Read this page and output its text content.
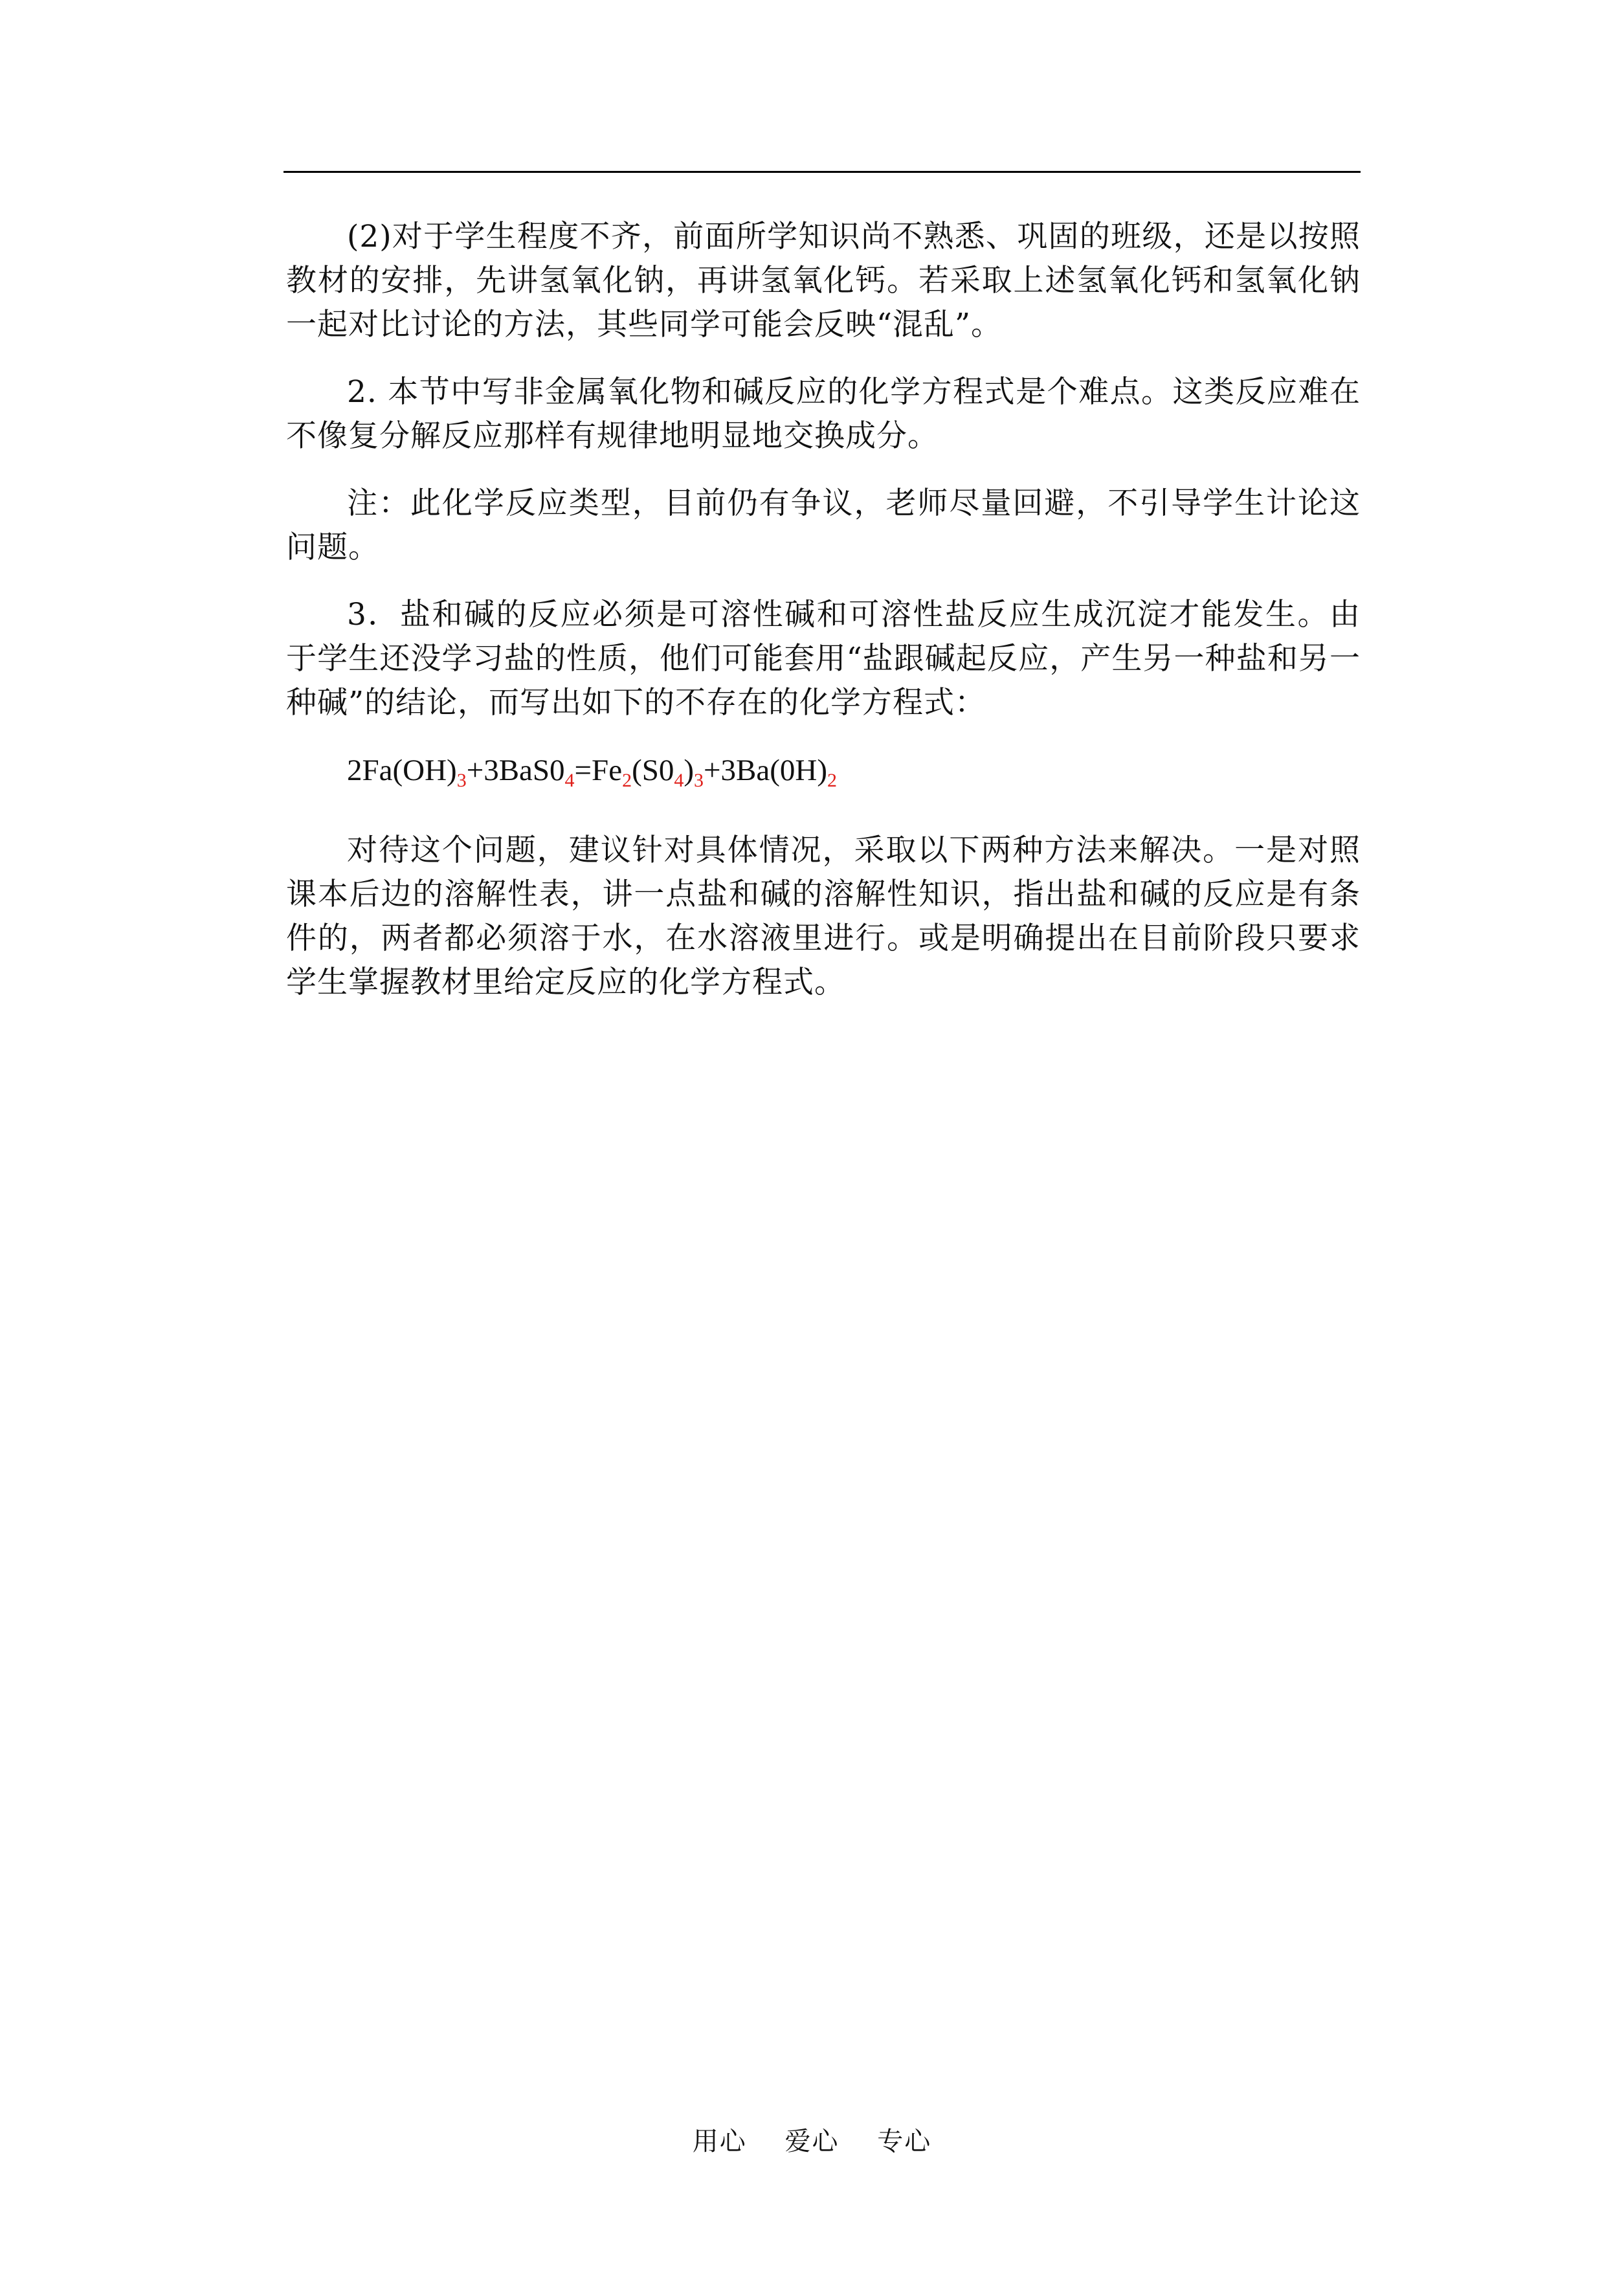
(2)对于学生程度不齐，前面所学知识尚不熟悉、巩固的班级，还是以按照教材的安排，先讲氢氧化钠，再讲氢氧化钙。若采取上述氢氧化钙和氢氧化钠一起对比讨论的方法，其些同学可能会反映“混乱”。

2. 本节中写非金属氧化物和碱反应的化学方程式是个难点。这类反应难在不像复分解反应那样有规律地明显地交换成分。

注：此化学反应类型，目前仍有争议，老师尽量回避，不引导学生计论这问题。

3．盐和碱的反应必须是可溶性碱和可溶性盐反应生成沉淀才能发生。由于学生还没学习盐的性质，他们可能套用“盐跟碱起反应，产生另一种盐和另一种碱”的结论，而写出如下的不存在的化学方程式：

$2Fa(OH)_3+3BaS0_4=Fe_2(S0_4)_3+3Ba(0H)_2$

对待这个问题，建议针对具体情况，采取以下两种方法来解决。一是对照课本后边的溶解性表，讲一点盐和碱的溶解性知识，指出盐和碱的反应是有条件的，两者都必须溶于水，在水溶液里进行。或是明确提出在目前阶段只要求学生掌握教材里给定反应的化学方程式。

用心 爱心 专心
